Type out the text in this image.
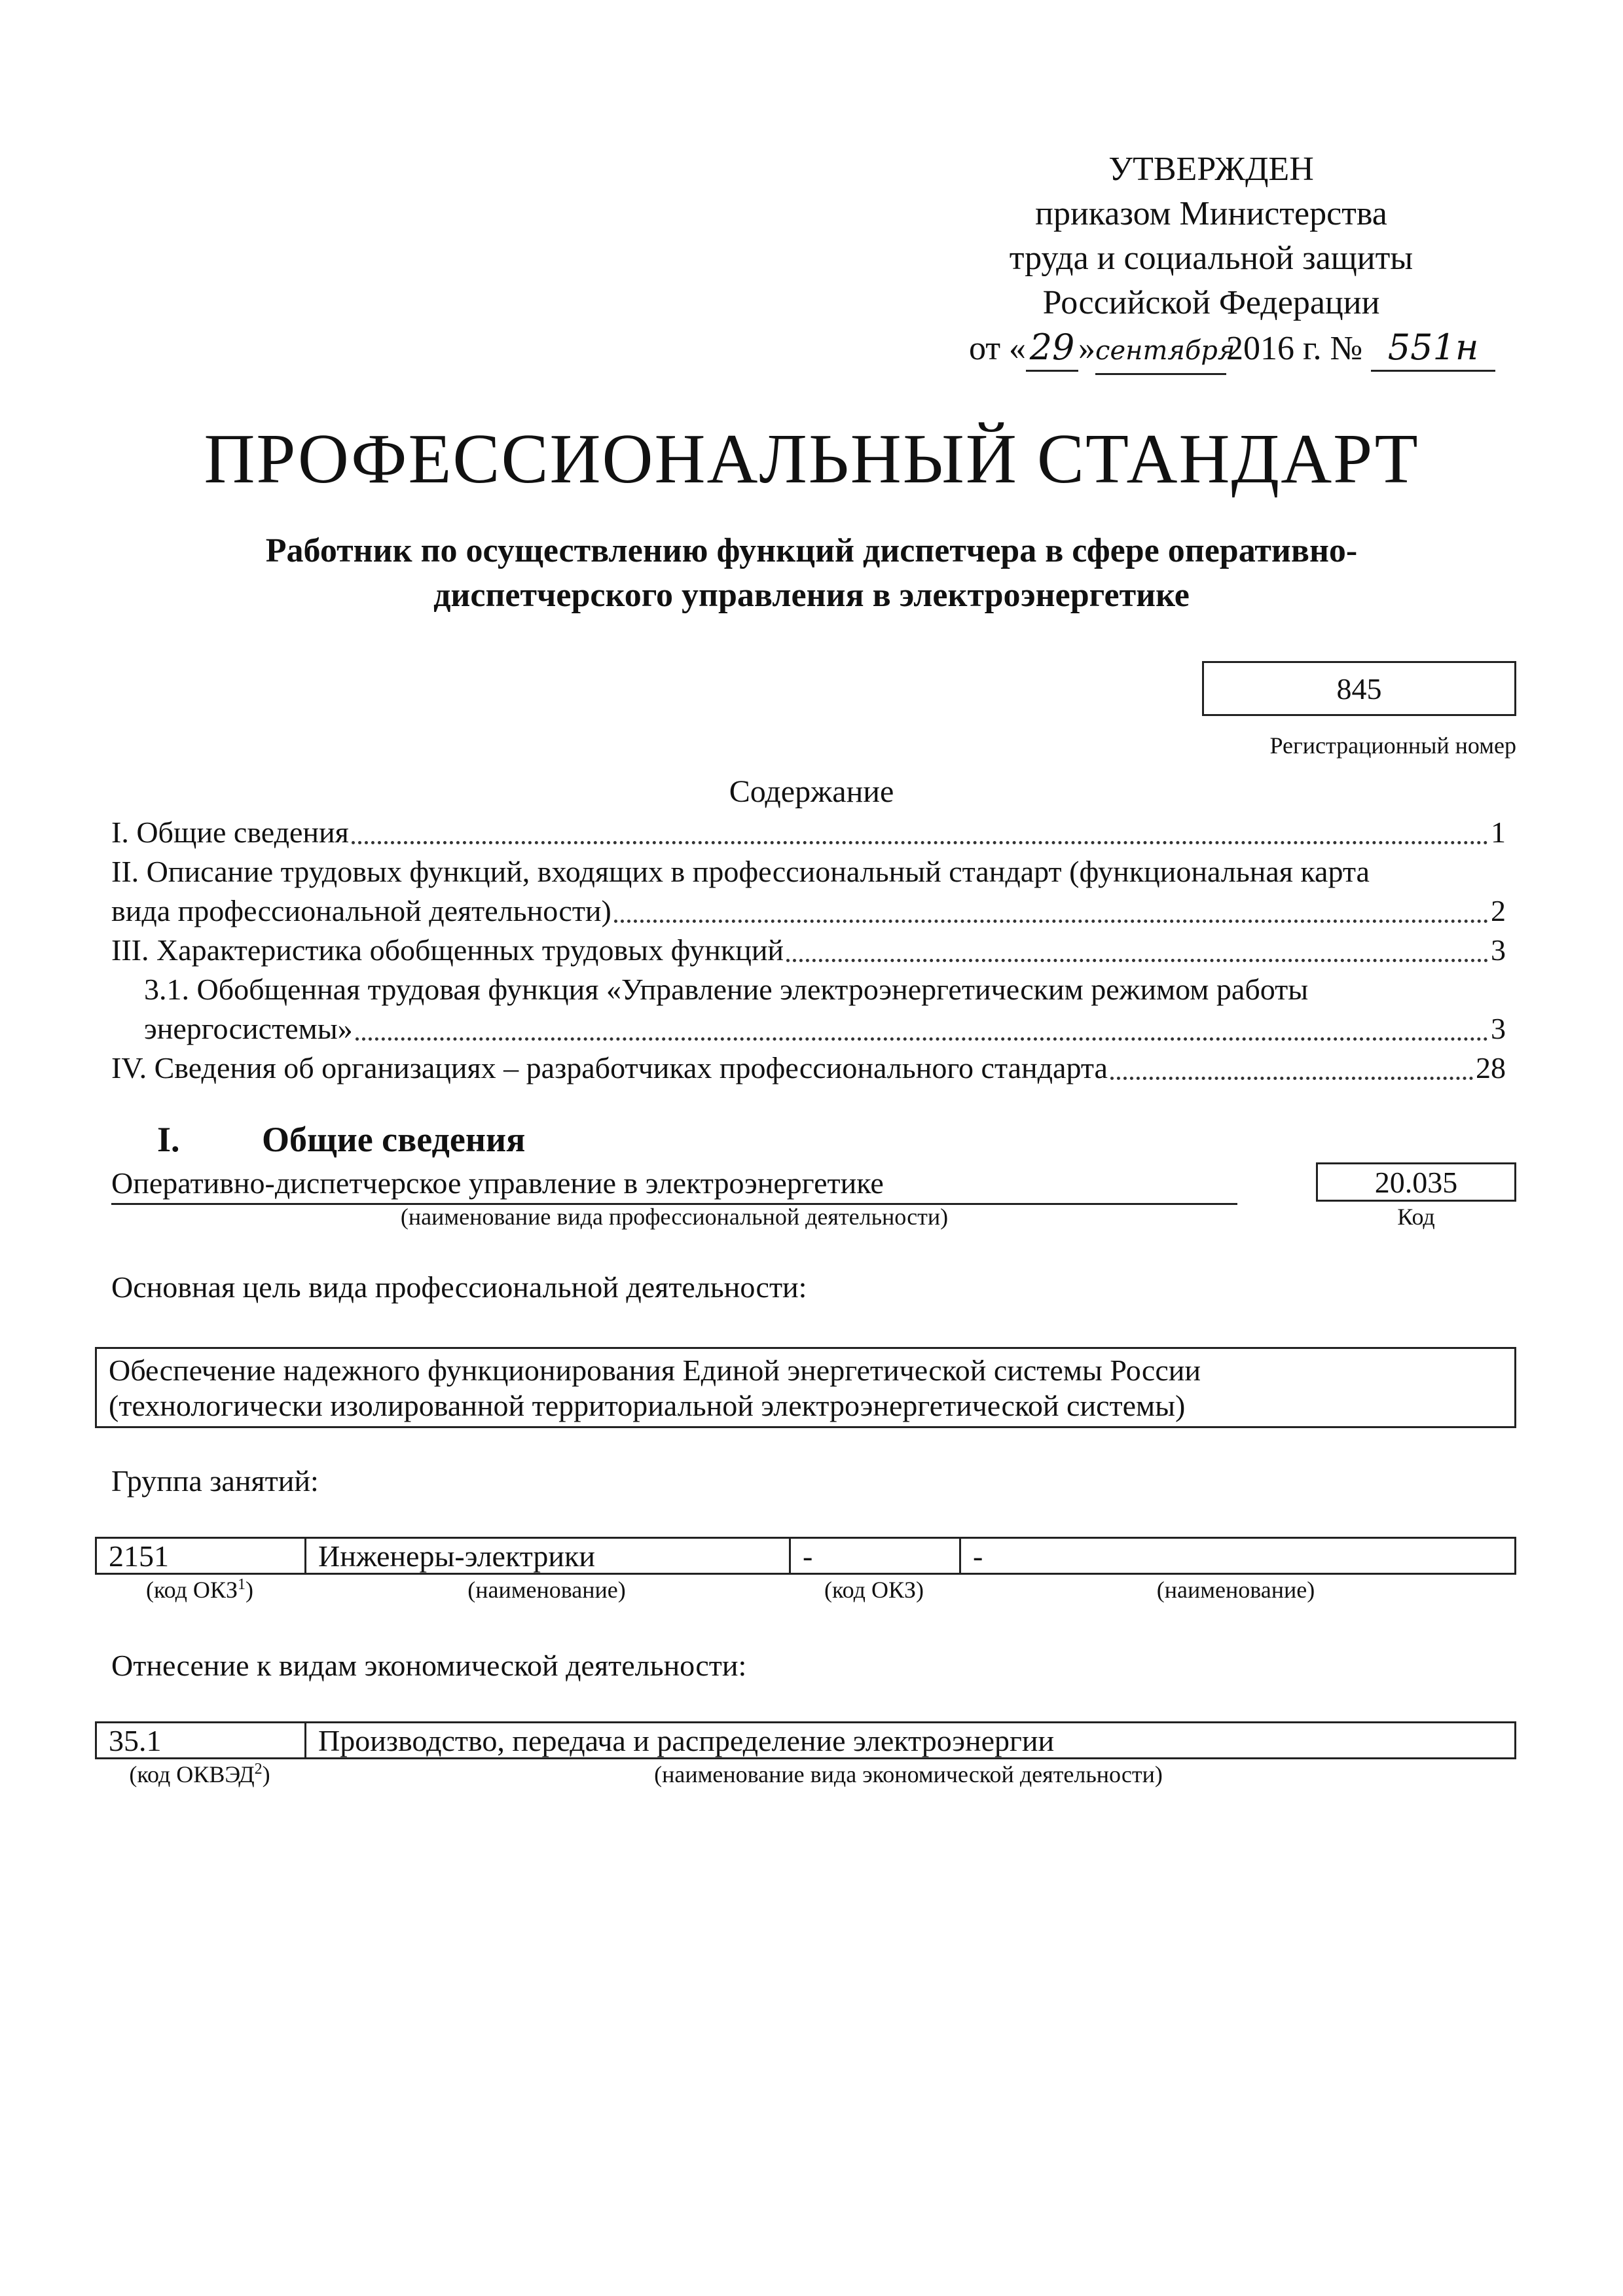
УТВЕРЖДЕН
приказом Министерства
труда и социальной защиты
Российской Федерации
от « 29 »сентября2016 г. № 551н
ПРОФЕССИОНАЛЬНЫЙ СТАНДАРТ
Работник по осуществлению функций диспетчера в сфере оперативно-
диспетчерского управления в электроэнергетике
845
Регистрационный номер
Содержание
I. Общие сведения	1
II. Описание трудовых функций, входящих в профессиональный стандарт (функциональная карта
вида профессиональной деятельности)	2
III. Характеристика обобщенных трудовых функций	3
3.1. Обобщенная трудовая функция «Управление электроэнергетическим режимом работы
энергосистемы»	3
IV. Сведения об организациях – разработчиках профессионального стандарта	28
I. Общие сведения
Оперативно-диспетчерское управление в электроэнергетике
(наименование вида профессиональной деятельности)
20.035
Код
Основная цель вида профессиональной деятельности:
Обеспечение надежного функционирования Единой энергетической системы России
(технологически изолированной территориальной электроэнергетической системы)
Группа занятий:
2151	Инженеры-электрики	-	-
(код ОКЗ$^1$)	(наименование)	(код ОКЗ)	(наименование)
Отнесение к видам экономической деятельности:
35.1	Производство, передача и распределение электроэнергии
(код ОКВЭД$^2$)	(наименование вида экономической деятельности)
